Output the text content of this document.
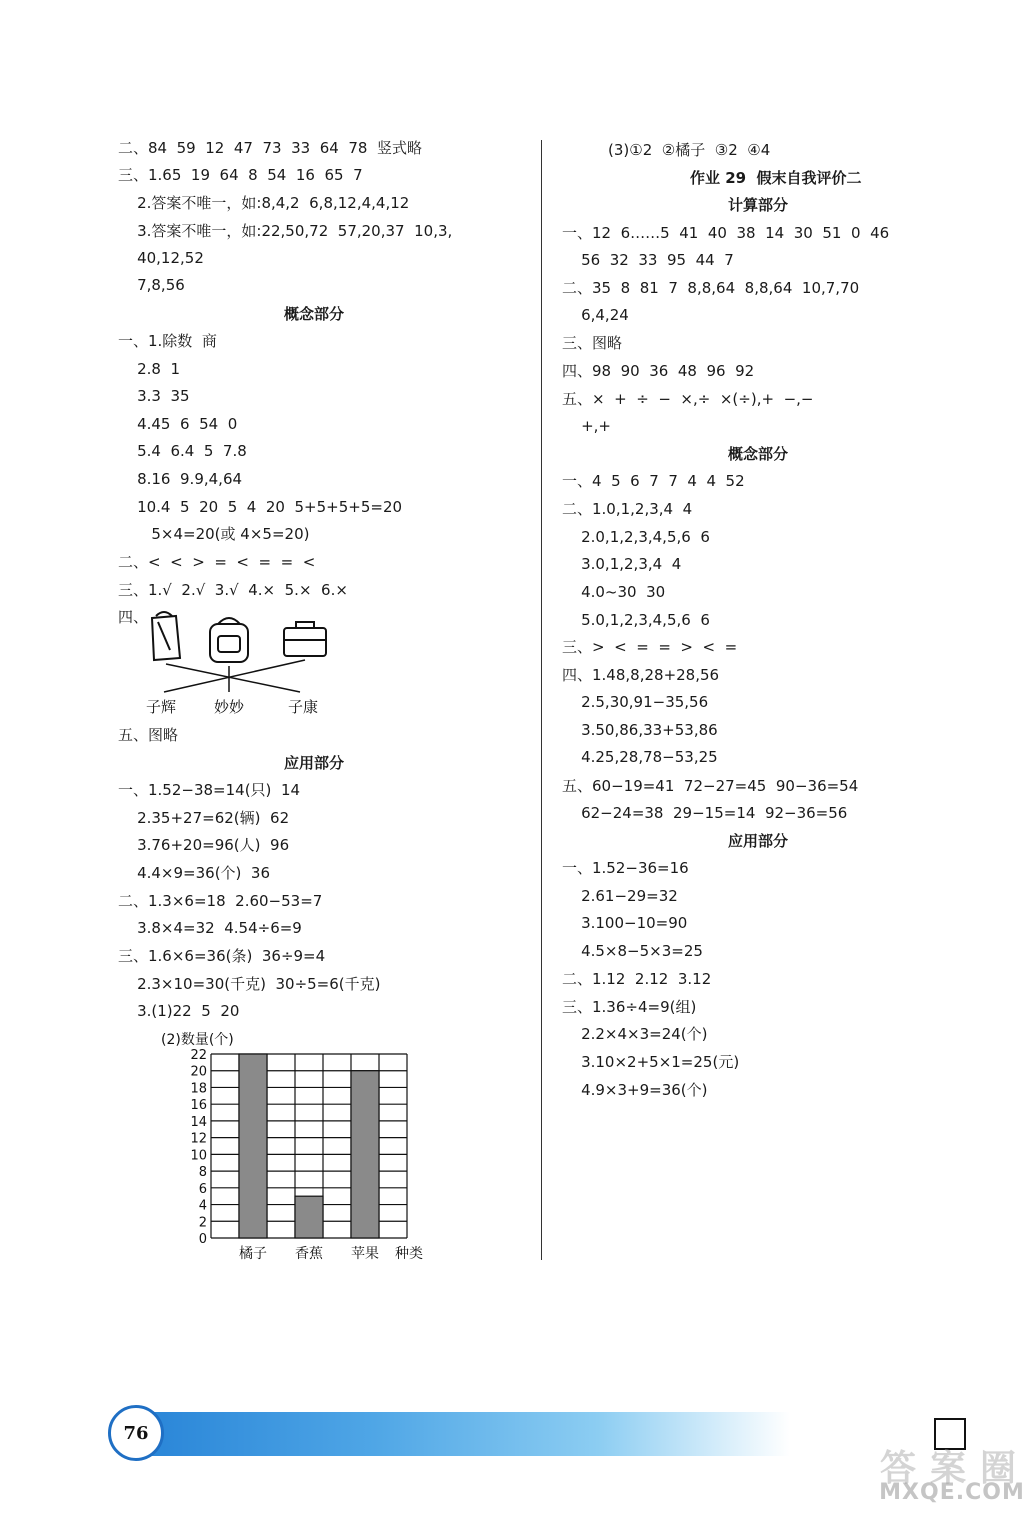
二、84  59  12  47  73  33  64  78  竖式略
三、1.65  19  64  8  54  16  65  7
2.答案不唯一，如:8,4,2  6,8,12,4,4,12
3.答案不唯一，如:22,50,72  57,20,37  10,3,
40,12,52
7,8,56
概念部分
一、1.除数  商
2.8  1
3.3  35
4.45  6  54  0
5.4  6.4  5  7.8
8.16  9.9,4,64
10.4  5  20  5  4  20  5+5+5+5=20
5×4=20(或 4×5=20)
二、<  <  >  =  <  =  =  <
三、1.√  2.√  3.√  4.×  5.×  6.×
四、
子辉	妙妙	子康
五、图略
应用部分
一、1.52−38=14(只)  14
2.35+27=62(辆)  62
3.76+20=96(人)  96
4.4×9=36(个)  36
二、1.3×6=18  2.60−53=7
3.8×4=32  4.54÷6=9
三、1.6×6=36(条)  36÷9=4
2.3×10=30(千克)  30÷5=6(千克)
3.(1)22  5  20
(2)数量(个)
0
2
4
6
8
10
12
14
16
18
20
22
橘子 香蕉 苹果 种类
(3)①2  ②橘子  ③2  ④4
作业 29  假末自我评价二
计算部分
一、12  6……5  41  40  38  14  30  51  0  46
56  32  33  95  44  7
二、35  8  81  7  8,8,64  8,8,64  10,7,70
6,4,24
三、图略
四、98  90  36  48  96  92
五、×  +  ÷  −  ×,÷  ×(÷),+  −,−
+,+
概念部分
一、4  5  6  7  7  4  4  52
二、1.0,1,2,3,4  4
2.0,1,2,3,4,5,6  6
3.0,1,2,3,4  4
4.0~30  30
5.0,1,2,3,4,5,6  6
三、>  <  =  =  >  <  =
四、1.48,8,28+28,56
2.5,30,91−35,56
3.50,86,33+53,86
4.25,28,78−53,25
五、60−19=41  72−27=45  90−36=54
62−24=38  29−15=14  92−36=56
应用部分
一、1.52−36=16
2.61−29=32
3.100−10=90
4.5×8−5×3=25
二、1.12  2.12  3.12
三、1.36÷4=9(组)
2.2×4×3=24(个)
3.10×2+5×1=25(元)
4.9×3+9=36(个)
76
答 案 圈
MXQE.COM
